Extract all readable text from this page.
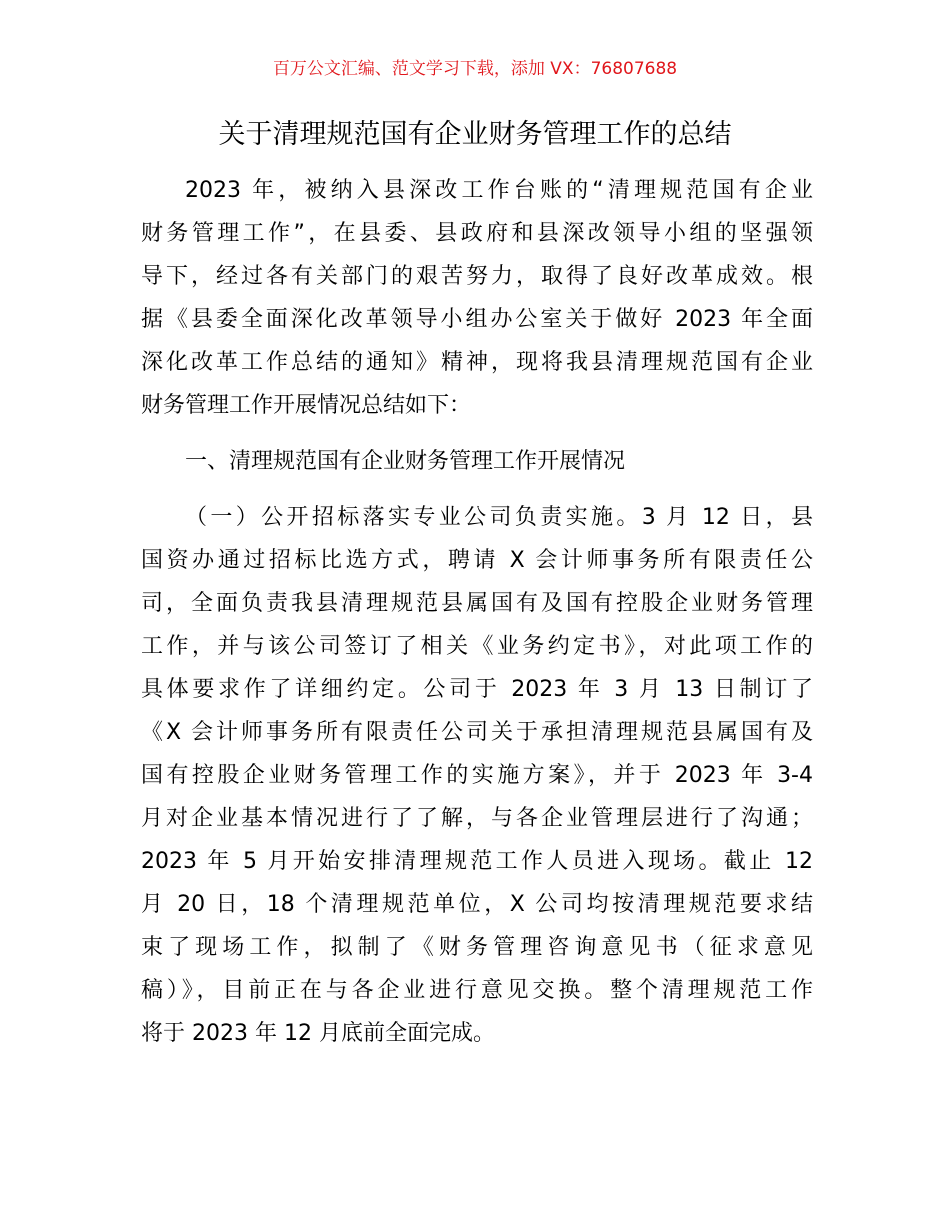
百万公文汇编、范文学习下载，添加 VX：76807688
关于清理规范国有企业财务管理工作的总结
2023 年，被纳入县深改工作台账的“清理规范国有企业
财务管理工作”，在县委、县政府和县深改领导小组的坚强领
导下，经过各有关部门的艰苦努力，取得了良好改革成效。根
据《县委全面深化改革领导小组办公室关于做好 2023 年全面
深化改革工作总结的通知》精神，现将我县清理规范国有企业
财务管理工作开展情况总结如下：
一、清理规范国有企业财务管理工作开展情况
（一）公开招标落实专业公司负责实施。3 月 12 日，县
国资办通过招标比选方式，聘请 X 会计师事务所有限责任公
司，全面负责我县清理规范县属国有及国有控股企业财务管理
工作，并与该公司签订了相关《业务约定书》，对此项工作的
具体要求作了详细约定。公司于 2023 年 3 月 13 日制订了
《X 会计师事务所有限责任公司关于承担清理规范县属国有及
国有控股企业财务管理工作的实施方案》，并于 2023 年 3-4
月对企业基本情况进行了了解，与各企业管理层进行了沟通；
2023 年 5 月开始安排清理规范工作人员进入现场。截止 12
月 20 日，18 个清理规范单位，X 公司均按清理规范要求结
束了现场工作，拟制了《财务管理咨询意见书（征求意见
稿）》，目前正在与各企业进行意见交换。整个清理规范工作
将于 2023 年 12 月底前全面完成。
